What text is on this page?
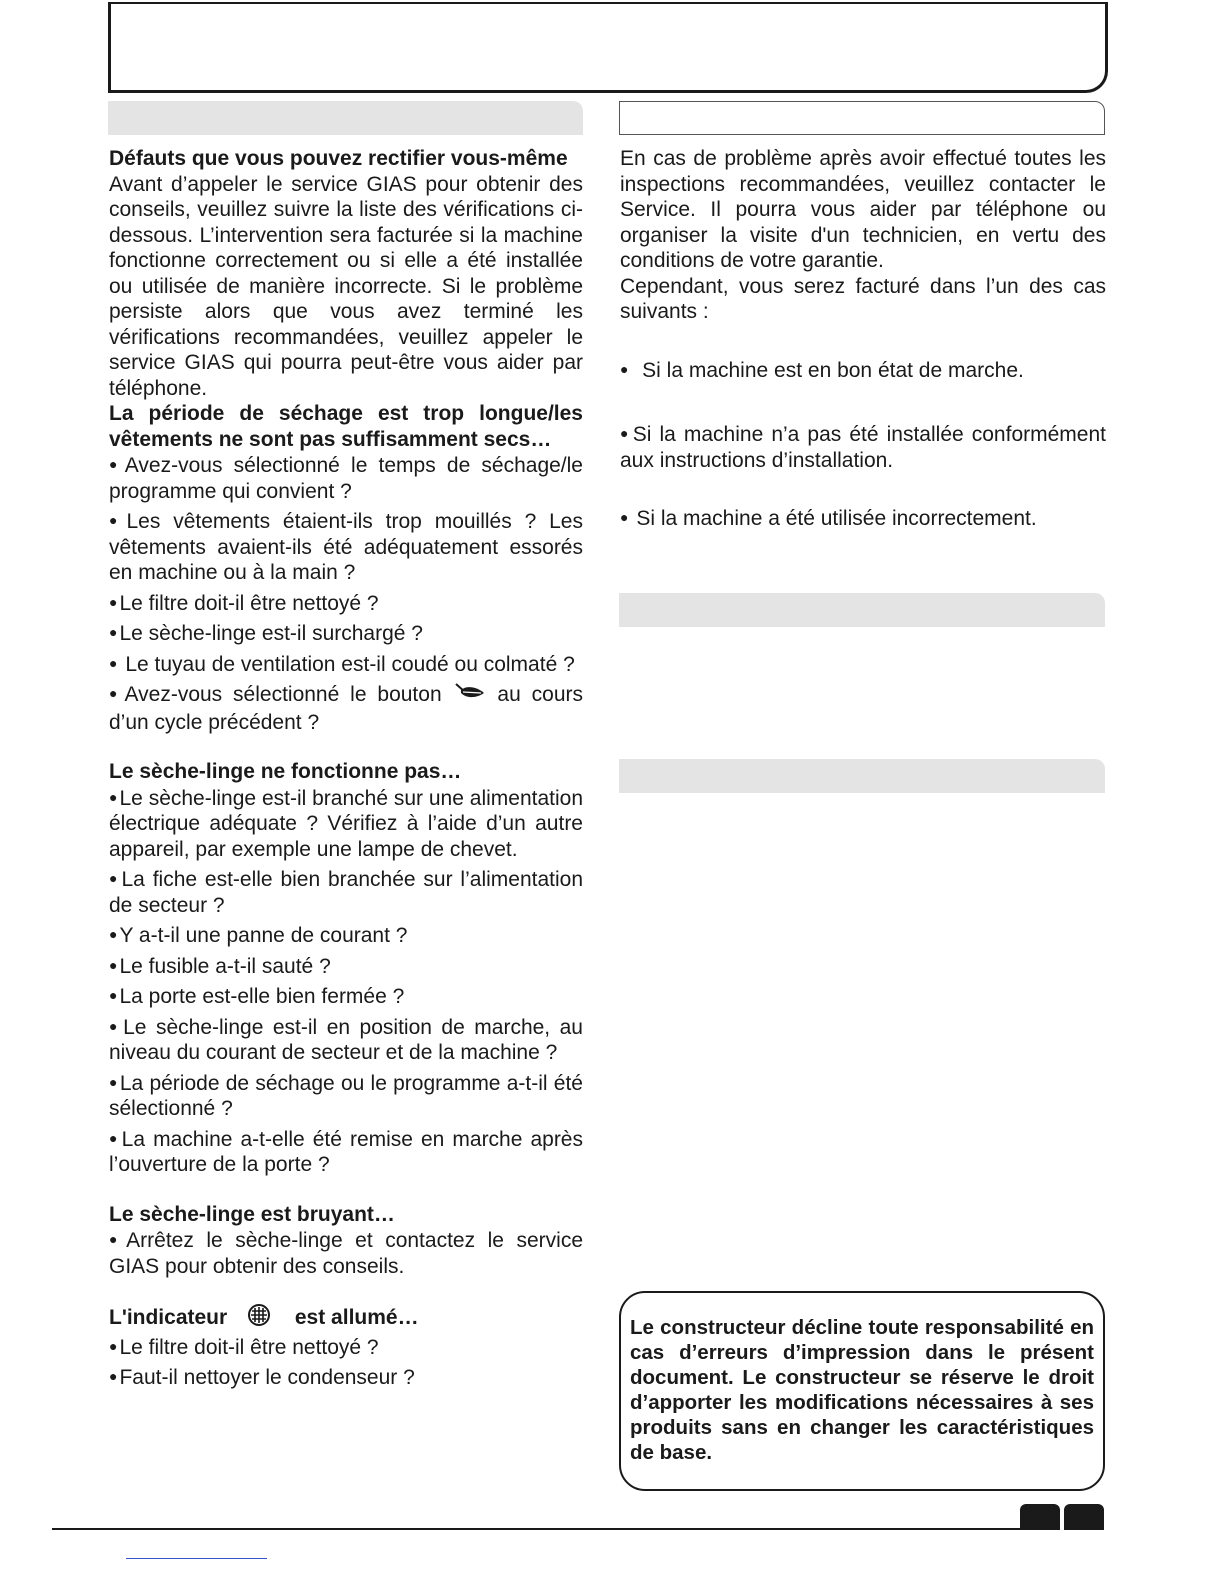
Défauts que vous pouvez rectifier vous-même

Avant d’appeler le service GIAS pour obtenir des conseils, veuillez suivre la liste des vérifications ci-dessous. L’intervention sera facturée si la machine fonctionne correctement ou si elle a été installée ou utilisée de manière incorrecte. Si le problème persiste alors que vous avez terminé les vérifications recommandées, veuillez appeler le service GIAS qui pourra peut-être vous aider par téléphone.

La période de séchage est trop longue/les vêtements ne sont pas suffisamment secs…

●Avez-vous sélectionné le temps de séchage/le programme qui convient ?

●Les vêtements étaient-ils trop mouillés ? Les vêtements avaient-ils été adéquatement essorés en machine ou à la main ?

●Le filtre doit-il être nettoyé ?

●Le sèche-linge est-il surchargé ?

● Le tuyau de ventilation est-il coudé ou colmaté ?

●Avez-vous sélectionné le bouton	au cours d’un cycle précédent ?

Le sèche-linge ne fonctionne pas…

●Le sèche-linge est-il branché sur une alimentation électrique adéquate ? Vérifiez à l’aide d’un autre appareil, par exemple une lampe de chevet.

●La fiche est-elle bien branchée sur l’alimentation de secteur ?

●Y a-t-il une panne de courant ?

●Le fusible a-t-il sauté ?

●La porte est-elle bien fermée ?

●Le sèche-linge est-il en position de marche, au niveau du courant de secteur et de la machine ?

●La période de séchage ou le programme a-t-il été sélectionné ?

●La machine a-t-elle été remise en marche après l’ouverture de la porte ?

Le sèche-linge est bruyant…

●Arrêtez le sèche-linge et contactez le service GIAS pour obtenir des conseils.

L'indicateur	est allumé…

●Le filtre doit-il être nettoyé ?

●Faut-il nettoyer le condenseur ?

En cas de problème après avoir effectué toutes les inspections recommandées, veuillez contacter le Service. Il pourra vous aider par téléphone ou organiser la visite d'un technicien, en vertu des conditions de votre garantie.

Cependant, vous serez facturé dans l’un des cas suivants :

● Si la machine est en bon état de marche.

●Si la machine n’a pas été installée conformément aux instructions d’installation.

● Si la machine a été utilisée incorrectement.

Le constructeur décline toute responsabilité en cas d’erreurs d’impression dans le présent document. Le constructeur se réserve le droit d’apporter les modifications nécessaires à ses produits sans en changer les caractéristiques de base.
